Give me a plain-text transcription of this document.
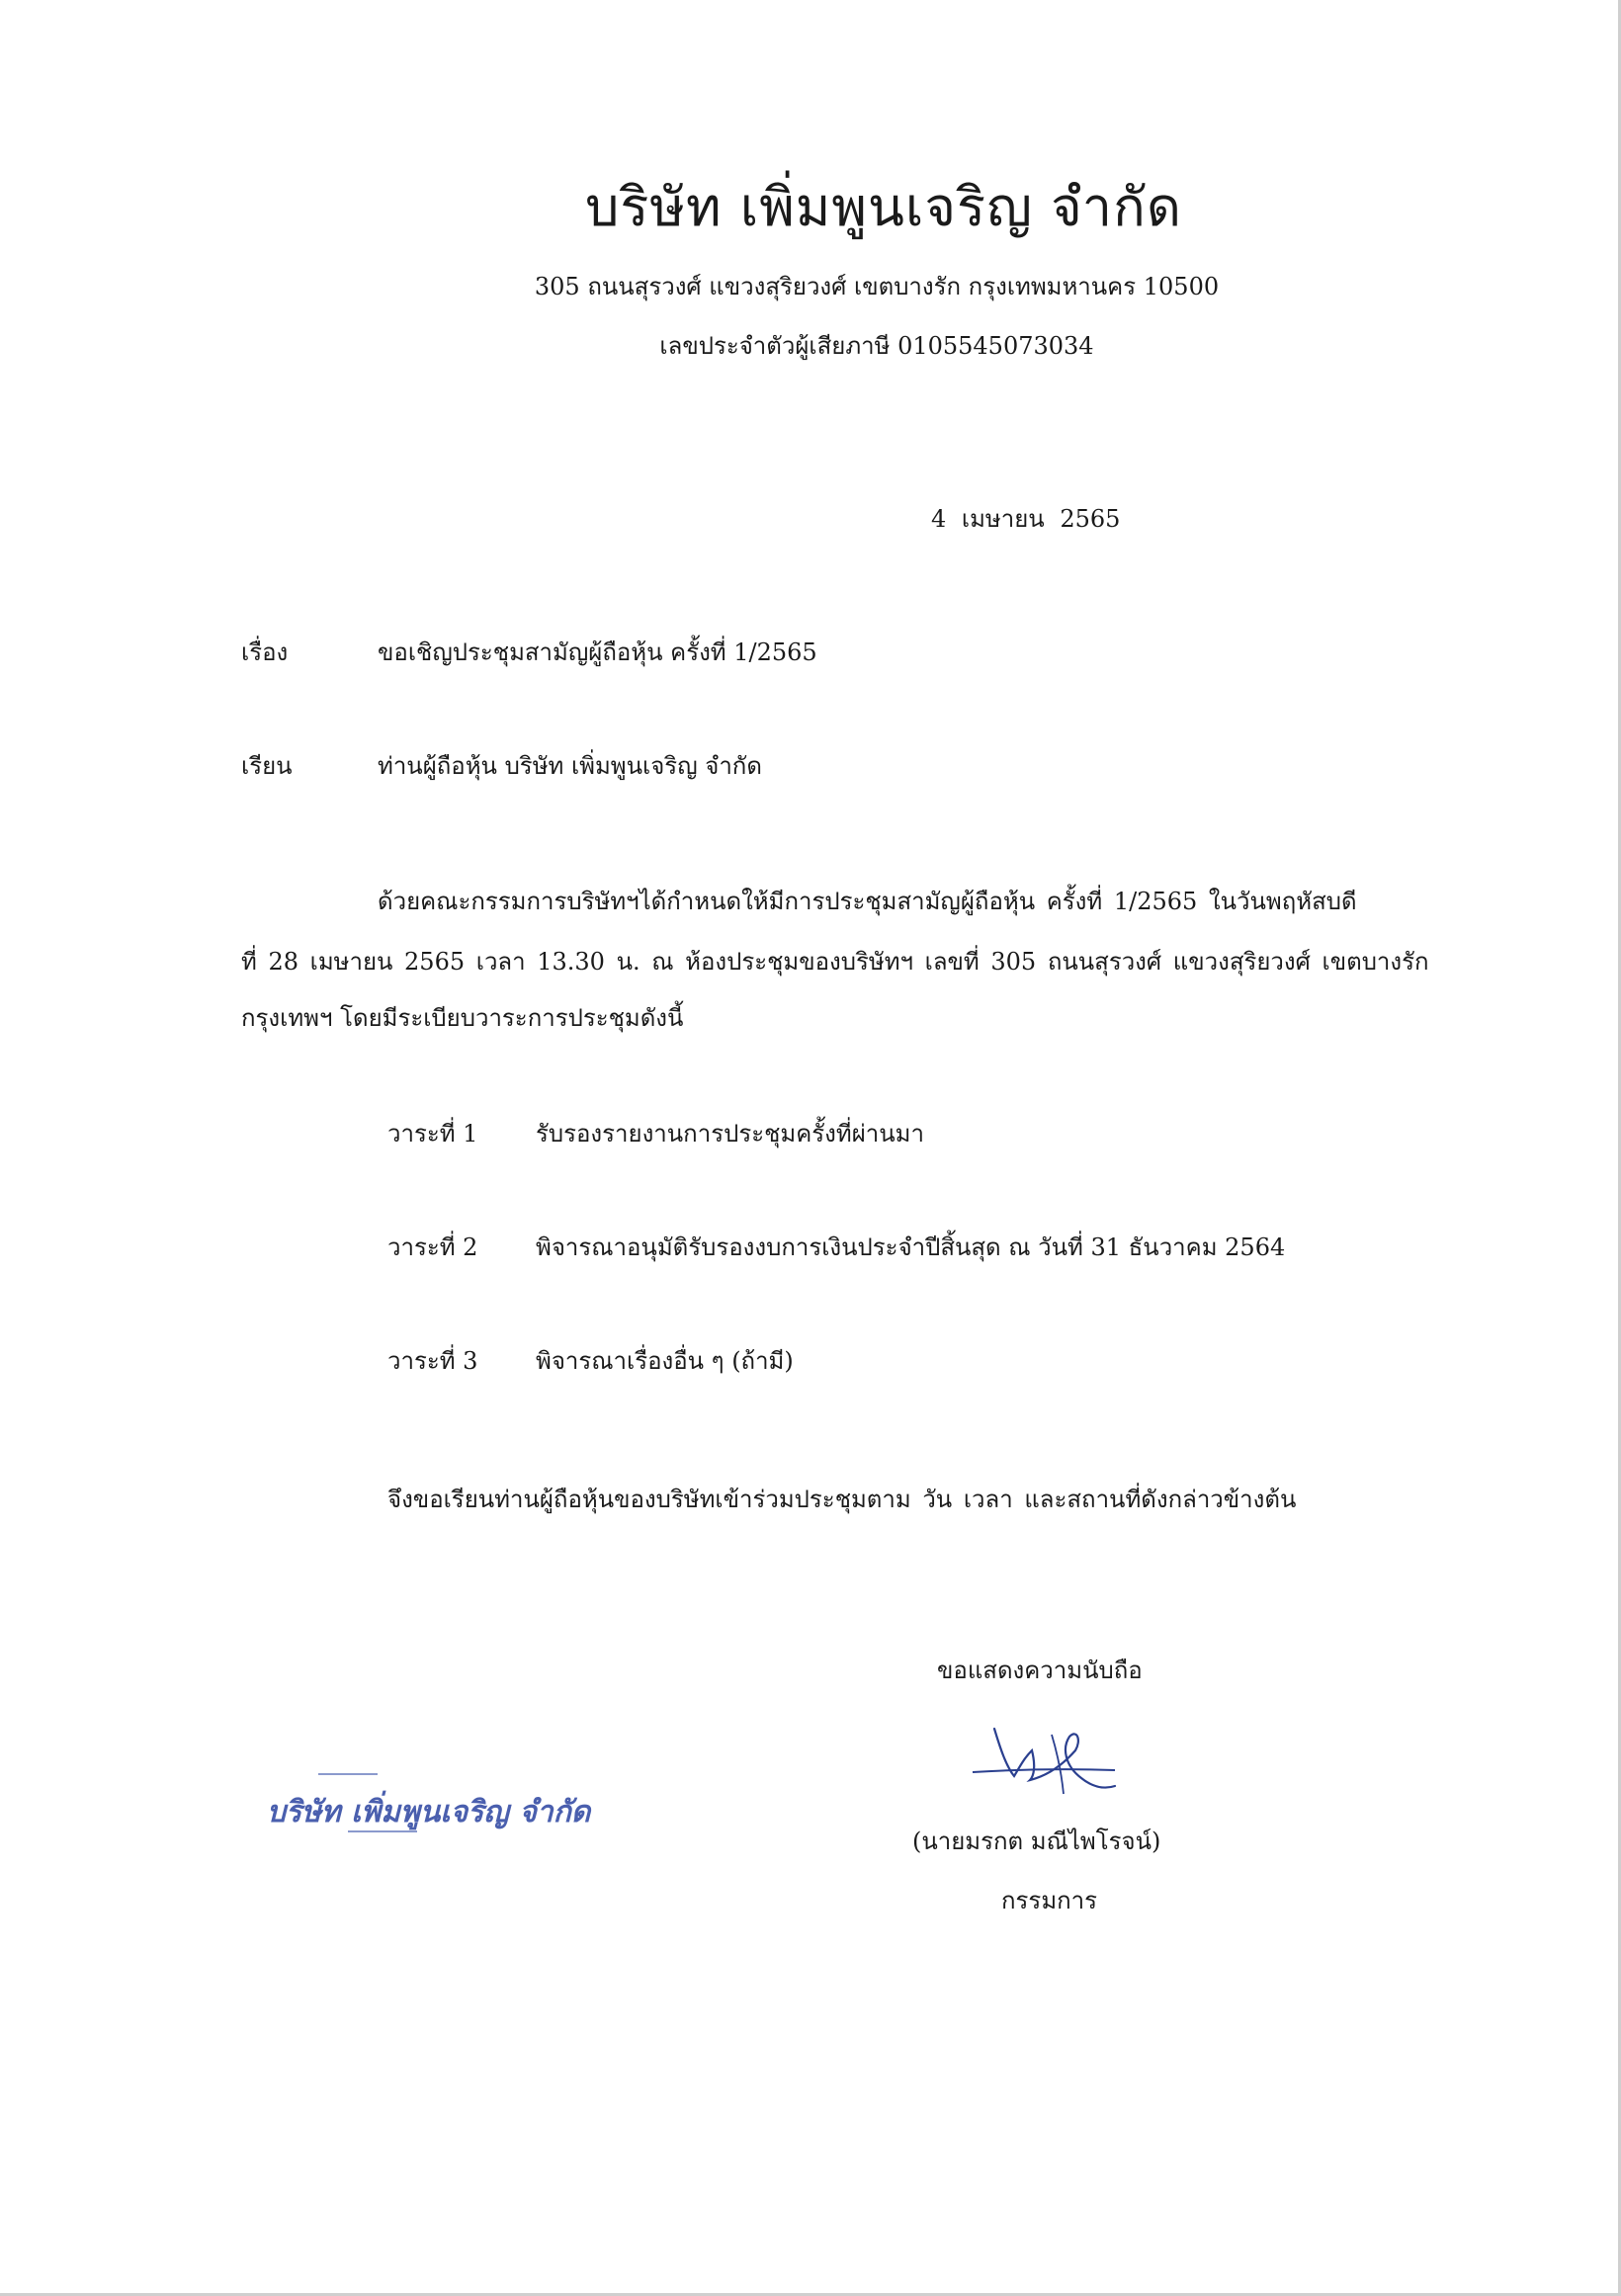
บริษัท เพิ่มพูนเจริญ จำกัด
305 ถนนสุรวงศ์ แขวงสุริยวงศ์ เขตบางรัก กรุงเทพมหานคร 10500
เลขประจำตัวผู้เสียภาษี 0105545073034
4 เมษายน 2565
เรื่อง	ขอเชิญประชุมสามัญผู้ถือหุ้น ครั้งที่ 1/2565
เรียน	ท่านผู้ถือหุ้น บริษัท เพิ่มพูนเจริญ จำกัด
ด้วยคณะกรรมการบริษัทฯได้กำหนดให้มีการประชุมสามัญผู้ถือหุ้น ครั้งที่ 1/2565 ในวันพฤหัสบดี
ที่ 28 เมษายน 2565 เวลา 13.30 น. ณ ห้องประชุมของบริษัทฯ เลขที่ 305 ถนนสุรวงศ์ แขวงสุริยวงศ์ เขตบางรัก
กรุงเทพฯ โดยมีระเบียบวาระการประชุมดังนี้
วาระที่ 1 รับรองรายงานการประชุมครั้งที่ผ่านมา
วาระที่ 2 พิจารณาอนุมัติรับรองงบการเงินประจำปีสิ้นสุด ณ วันที่ 31 ธันวาคม 2564
วาระที่ 3 พิจารณาเรื่องอื่น ๆ (ถ้ามี)
จึงขอเรียนท่านผู้ถือหุ้นของบริษัทเข้าร่วมประชุมตาม วัน เวลา และสถานที่ดังกล่าวข้างต้น
ขอแสดงความนับถือ
บริษัท เพิ่มพูนเจริญ จำกัด
(นายมรกต มณีไพโรจน์)
กรรมการ
